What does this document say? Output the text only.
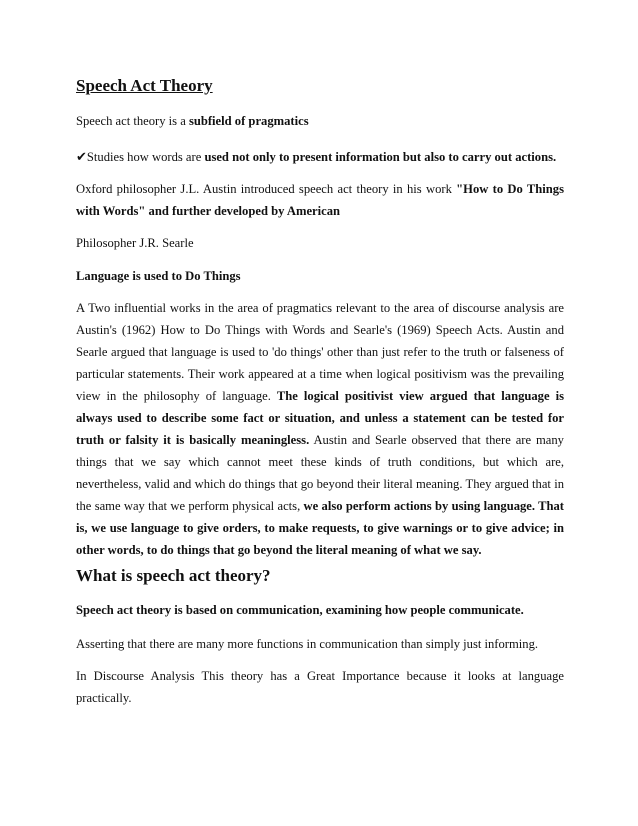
Speech Act Theory

Speech act theory is a subfield of pragmatics

✔Studies how words are used not only to present information but also to carry out actions.

Oxford philosopher J.L. Austin introduced speech act theory in his work "How to Do Things with Words" and further developed by American

Philosopher J.R. Searle

Language is used to Do Things

A Two influential works in the area of pragmatics relevant to the area of discourse analysis are Austin's (1962) How to Do Things with Words and Searle's (1969) Speech Acts. Austin and Searle argued that language is used to 'do things' other than just refer to the truth or falseness of particular statements. Their work appeared at a time when logical positivism was the prevailing view in the philosophy of language. The logical positivist view argued that language is always used to describe some fact or situation, and unless a statement can be tested for truth or falsity it is basically meaningless. Austin and Searle observed that there are many things that we say which cannot meet these kinds of truth conditions, but which are, nevertheless, valid and which do things that go beyond their literal meaning. They argued that in the same way that we perform physical acts, we also perform actions by using language. That is, we use language to give orders, to make requests, to give warnings or to give advice; in other words, to do things that go beyond the literal meaning of what we say.

What is speech act theory?

Speech act theory is based on communication, examining how people communicate.

Asserting that there are many more functions in communication than simply just informing.

In Discourse Analysis This theory has a Great Importance because it looks at language practically.
